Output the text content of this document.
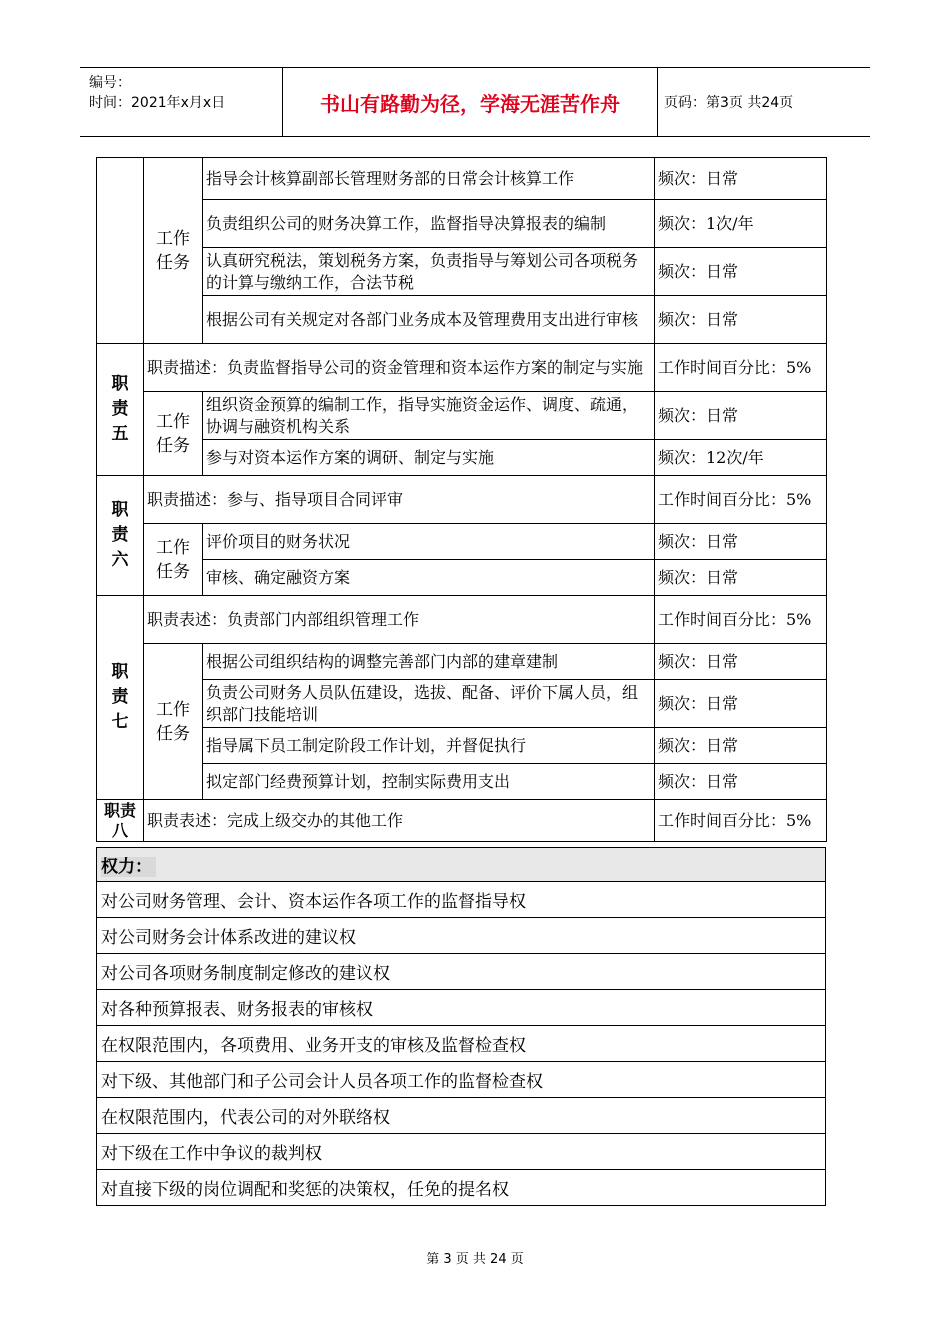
编号：
时间：2021年x月x日	书山有路勤为径，学海无涯苦作舟	页码：第3页 共24页

	工作
任务	指导会计核算副部长管理财务部的日常会计核算工作	频次：日常
		负责组织公司的财务决算工作，监督指导决算报表的编制	频次：1次/年
		认真研究税法，策划税务方案，负责指导与筹划公司各项税务的计算与缴纳工作，合法节税	频次：日常
		根据公司有关规定对各部门业务成本及管理费用支出进行审核	频次：日常

职
责
五	职责描述：负责监督指导公司的资金管理和资本运作方案的制定与实施		工作时间百分比：5%

	工作
任务	组织资金预算的编制工作，指导实施资金运作、调度、疏通，协调与融资机构关系	频次：日常
		参与对资本运作方案的调研、制定与实施	频次：12次/年

职
责
六	职责描述：参与、指导项目合同评审		工作时间百分比：5%

	工作
任务	评价项目的财务状况	频次：日常
		审核、确定融资方案	频次：日常

职
责
七	职责表述：负责部门内部组织管理工作		工作时间百分比：5%

	工作
任务	根据公司组织结构的调整完善部门内部的建章建制	频次：日常
		负责公司财务人员队伍建设，选拔、配备、评价下属人员，组织部门技能培训	频次：日常
		指导属下员工制定阶段工作计划，并督促执行	频次：日常
		拟定部门经费预算计划，控制实际费用支出	频次：日常

职责
八	职责表述：完成上级交办的其他工作		工作时间百分比：5%
权力：
对公司财务管理、会计、资本运作各项工作的监督指导权
对公司财务会计体系改进的建议权
对公司各项财务制度制定修改的建议权
对各种预算报表、财务报表的审核权
在权限范围内，各项费用、业务开支的审核及监督检查权
对下级、其他部门和子公司会计人员各项工作的监督检查权
在权限范围内，代表公司的对外联络权
对下级在工作中争议的裁判权
对直接下级的岗位调配和奖惩的决策权，任免的提名权
第 3 页 共 24 页
